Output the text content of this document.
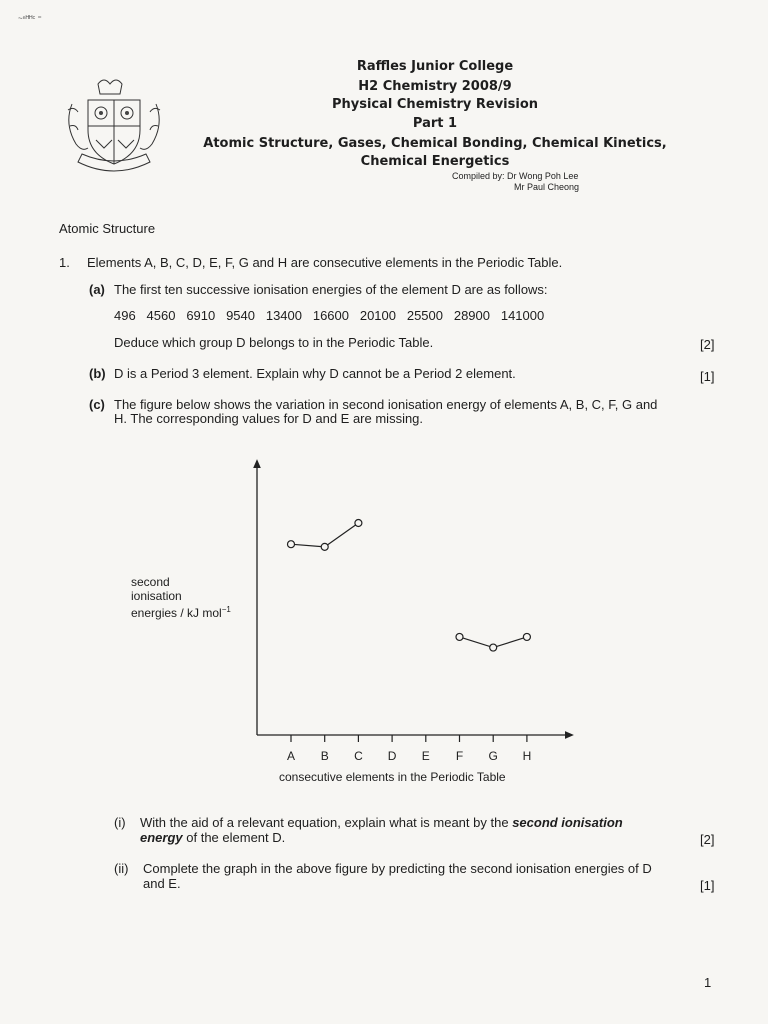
~ⁿᴴᴴᶜ ⁼
Raffles Junior College
H2 Chemistry 2008/9
Physical Chemistry Revision
Part 1
Atomic Structure, Gases, Chemical Bonding, Chemical Kinetics,
Chemical Energetics
Compiled by: Dr Wong Poh Lee
Mr Paul Cheong
Atomic Structure
1. Elements A, B, C, D, E, F, G and H are consecutive elements in the Periodic Table.
(a) The first ten successive ionisation energies of the element D are as follows:
496 4560 6910 9540 13400 16600 20100 25500 28900 141000
Deduce which group D belongs to in the Periodic Table.	[2]
(b) D is a Period 3 element. Explain why D cannot be a Period 2 element.	[1]
(c) The figure below shows the variation in second ionisation energy of elements A, B, C, F, G and
H. The corresponding values for D and E are missing.
A B C D E F G H
second
ionisation
energies / kJ mol$^{-1}$
consecutive elements in the Periodic Table
(i) With the aid of a relevant equation, explain what is meant by the second ionisation
energy of the element D.	[2]
(ii) Complete the graph in the above figure by predicting the second ionisation energies of D
and E.	[1]
1
